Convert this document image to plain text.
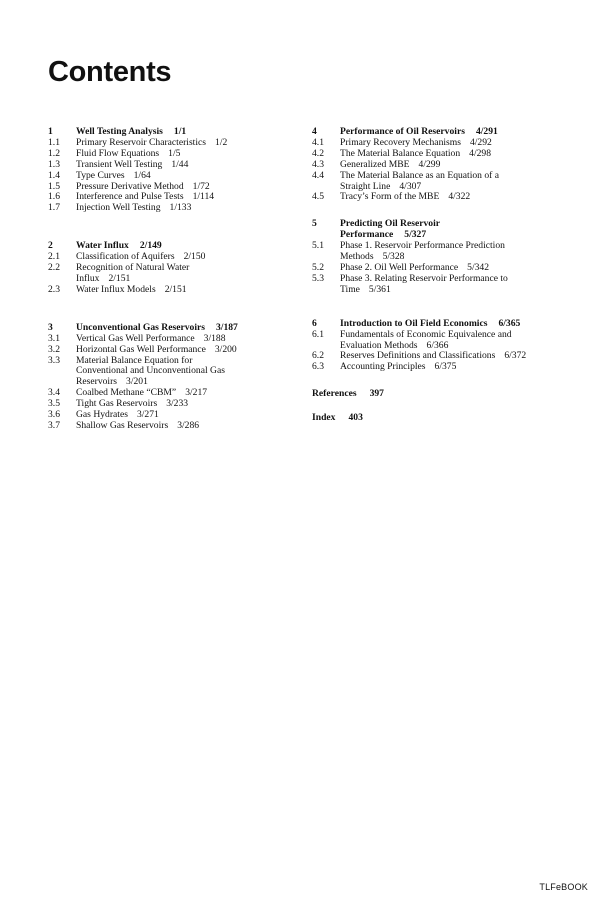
Contents
1	Well Testing Analysis 1/1
1.1	Primary Reservoir Characteristics 1/2
1.2	Fluid Flow Equations 1/5
1.3	Transient Well Testing 1/44
1.4	Type Curves 1/64
1.5	Pressure Derivative Method 1/72
1.6	Interference and Pulse Tests 1/114
1.7	Injection Well Testing 1/133
2	Water Influx 2/149
2.1	Classification of Aquifers 2/150
2.2	Recognition of Natural Water Influx 2/151
2.3	Water Influx Models 2/151
3	Unconventional Gas Reservoirs 3/187
3.1	Vertical Gas Well Performance 3/188
3.2	Horizontal Gas Well Performance 3/200
3.3	Material Balance Equation for Conventional and Unconventional Gas Reservoirs 3/201
3.4	Coalbed Methane “CBM” 3/217
3.5	Tight Gas Reservoirs 3/233
3.6	Gas Hydrates 3/271
3.7	Shallow Gas Reservoirs 3/286
4	Performance of Oil Reservoirs 4/291
4.1	Primary Recovery Mechanisms 4/292
4.2	The Material Balance Equation 4/298
4.3	Generalized MBE 4/299
4.4	The Material Balance as an Equation of a Straight Line 4/307
4.5	Tracy’s Form of the MBE 4/322
5	Predicting Oil Reservoir Performance 5/327
5.1	Phase 1. Reservoir Performance Prediction Methods 5/328
5.2	Phase 2. Oil Well Performance 5/342
5.3	Phase 3. Relating Reservoir Performance to Time 5/361
6	Introduction to Oil Field Economics 6/365
6.1	Fundamentals of Economic Equivalence and Evaluation Methods 6/366
6.2	Reserves Definitions and Classifications 6/372
6.3	Accounting Principles 6/375
References 397
Index 403
TLFeBOOK
